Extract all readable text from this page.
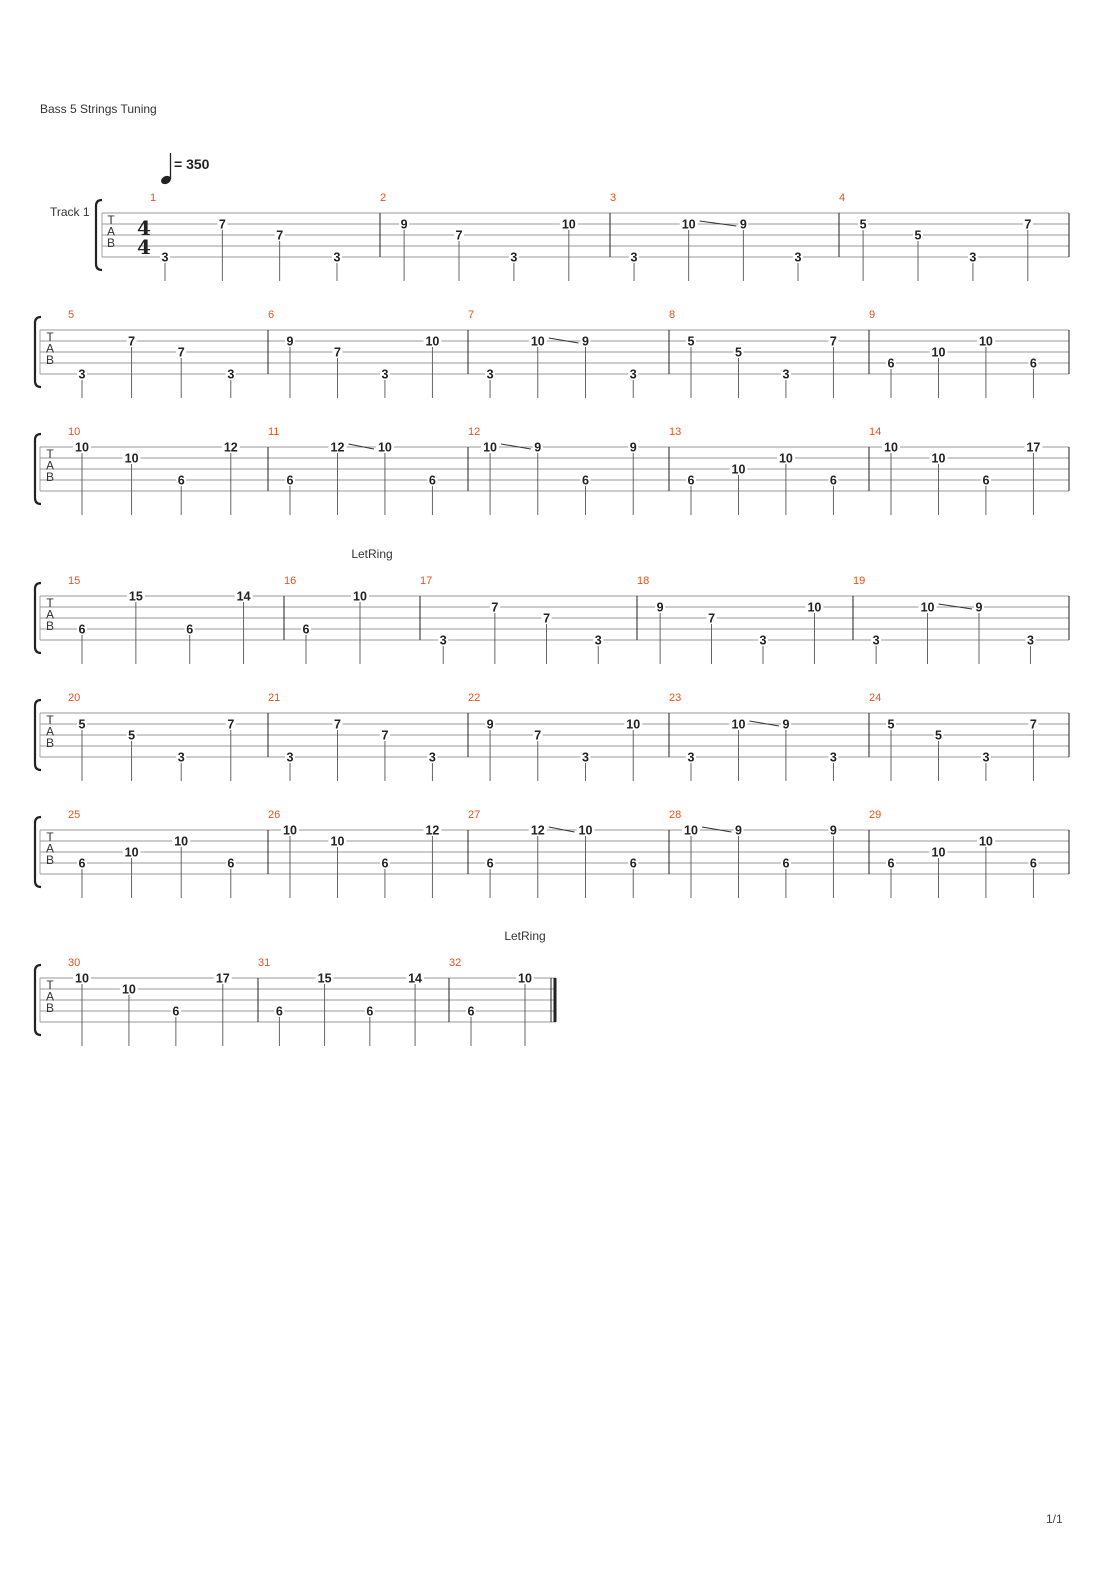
Bass 5 Strings Tuning
= 350
T
A
B
4
4
Track 1
1
3
7
7
3
2
9
7
3
10
3
3
10	9
3
4
5
5
3
7
T
A
B
5
3
7
7
3
6
9
7
3
10
7
3
10	9
3
8
5
5
3
7
9
6
10
10
6
T
A
B
10
10
10
6
12
11
6
12	10
6
12
10	9
6
9
13
6
10
10
6
14
10
10
6
17
T
A
B
LetRing
15
6
15
6
14
16
6
10
17
3
7
7
3
18
9
7
3
10
19
3
10	9
3
T
A
B
20
5
5
3
7
21
3
7
7
3
22
9
7
3
10
23
3
10	9
3
24
5
5
3
7
T
A
B
25
6
10
10
6
26
10
10
6
12
27
6
12	10
6
28
10	9
6
9
29
6
10
10
6
T
A
B
LetRing
30
10
10
6
17
31
6
15
6
14
32
6
10
1/1
